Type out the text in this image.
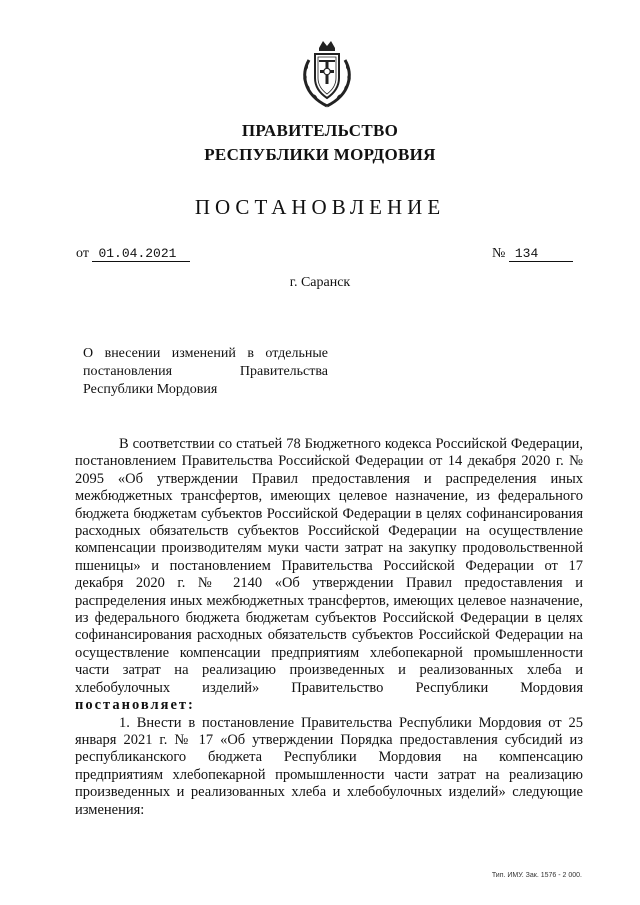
ПРАВИТЕЛЬСТВО
РЕСПУБЛИКИ МОРДОВИЯ
ПОСТАНОВЛЕНИЕ
от 01.04.2021	№ 134
г. Саранск
О внесении изменений в отдельные постановления Правительства Республики Мордовия

В соответствии со статьей 78 Бюджетного кодекса Российской Федерации, постановлением Правительства Российской Федерации от 14 декабря 2020 г. № 2095 «Об утверждении Правил предоставления и распределения иных межбюджетных трансфертов, имеющих целевое назначение, из федерального бюджета бюджетам субъектов Российской Федерации в целях софинансирования расходных обязательств субъектов Российской Федерации на осуществление компенсации производителям муки части затрат на закупку продовольственной пшеницы» и постановлением Правительства Российской Федерации от 17 декабря 2020 г. № 2140 «Об утверждении Правил предоставления и распределения иных межбюджетных трансфертов, имеющих целевое назначение, из федерального бюджета бюджетам субъектов Российской Федерации в целях софинансирования расходных обязательств субъектов Российской Федерации на осуществление компенсации предприятиям хлебопекарной промышленности части затрат на реализацию произведенных и реализованных хлеба и хлебобулочных изделий» Правительство Республики Мордовия постановляет:

1. Внести в постановление Правительства Республики Мордовия от 25 января 2021 г. № 17 «Об утверждении Порядка предоставления субсидий из республиканского бюджета Республики Мордовия на компенсацию предприятиям хлебопекарной промышленности части затрат на реализацию произведенных и реализованных хлеба и хлебобулочных изделий» следующие изменения:

Тип. ИМУ. Зак. 1576 - 2 000.
